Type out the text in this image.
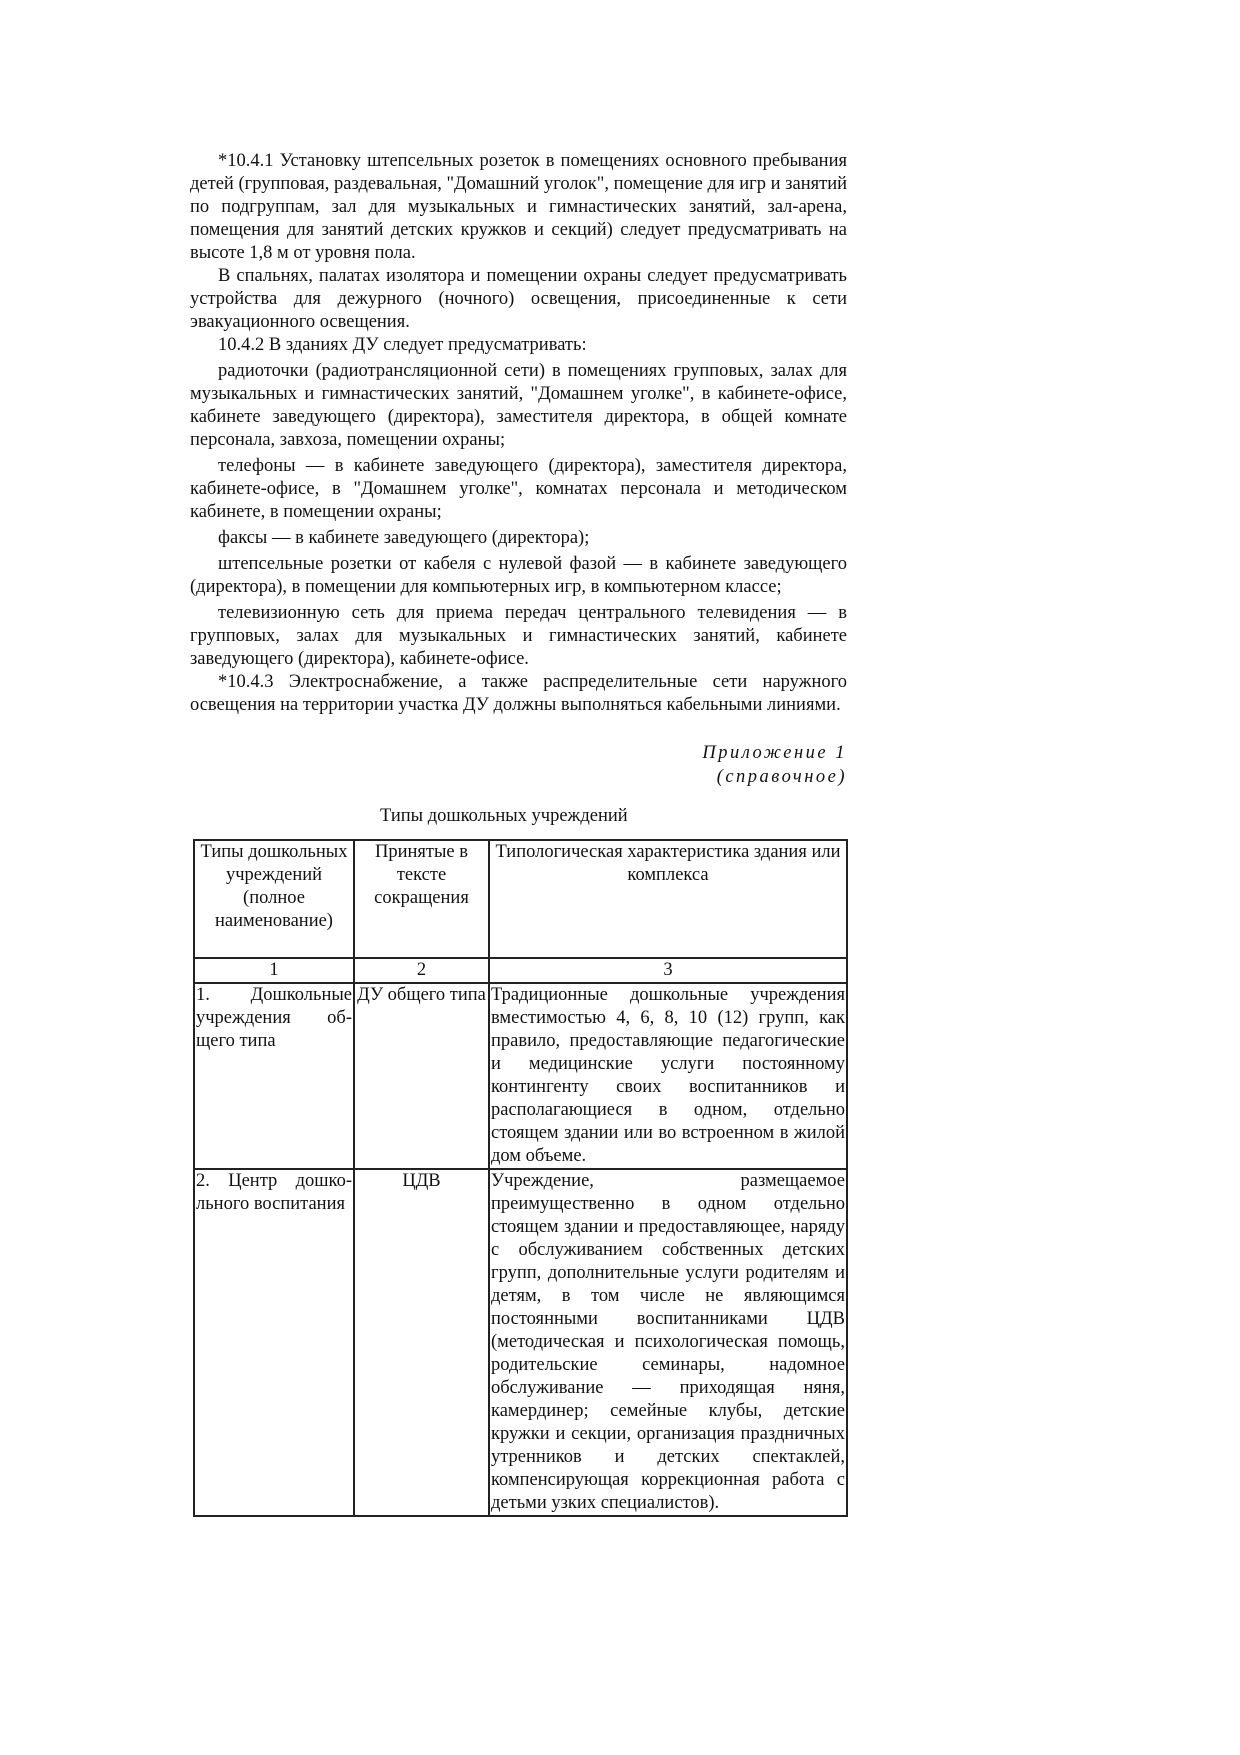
*10.4.1 Установку штепсельных розеток в помещениях основного пребывания детей (групповая, раздевальная, "Домашний уголок", помещение для игр и занятий по подгруппам, зал для музыкальных и гимнастических занятий, зал-арена, помещения для занятий детских кружков и секций) следует предусматривать на высоте 1,8 м от уровня пола.

В спальнях, палатах изолятора и помещении охраны следует предусматривать устройства для дежурного (ночного) освещения, присоединенные к сети эвакуационного освещения.

10.4.2 В зданиях ДУ следует предусматривать:

радиоточки (радиотрансляционной сети) в помещениях групповых, залах для музыкальных и гимнастических занятий, "Домашнем уголке", в кабинете-офисе, кабинете заведующего (директора), заместителя директора, в общей комнате персонала, завхоза, помещении охраны;

телефоны — в кабинете заведующего (директора), заместителя директора, кабинете-офисе, в "Домашнем уголке", комнатах персонала и методическом кабинете, в помещении охраны;

факсы — в кабинете заведующего (директора);

штепсельные розетки от кабеля с нулевой фазой — в кабинете заведующего (директора), в помещении для компьютерных игр, в компьютерном классе;

телевизионную сеть для приема передач центрального телевидения — в групповых, залах для музыкальных и гимнастических занятий, кабинете заведующего (директора), кабинете-офисе.

*10.4.3 Электроснабжение, а также распределительные сети наружного освещения на территории участка ДУ должны выполняться кабельными линиями.

Приложение 1
(справочное)
Типы дошкольных учреждений
Типы дошкольных учреждений (полное наименование)	Принятые в тексте сокращения	Типологическая характеристика здания или комплекса
1	2	3
1. Дошкольные учреждения общего типа	ДУ общего типа	Традиционные дошкольные учреждения вместимостью 4, 6, 8, 10 (12) групп, как правило, предоставляющие педагогические и медицинские услуги постоянному контингенту своих воспитанников и располагающиеся в одном, отдельно стоящем здании или во встроенном в жилой дом объеме.
2. Центр дошкольного воспитания	ЦДВ	Учреждение, размещаемое преимущественно в одном отдельно стоящем здании и предоставляющее, наряду с обслуживанием собственных детских групп, дополнительные услуги родителям и детям, в том числе не являющимся постоянными воспитанниками ЦДВ (методическая и психологическая помощь, родительские семинары, надомное обслуживание — приходящая няня, камердинер; семейные клубы, детские кружки и секции, организация праздничных утренников и детских спектаклей, компенсирующая коррекционная работа с детьми узких специалистов).
